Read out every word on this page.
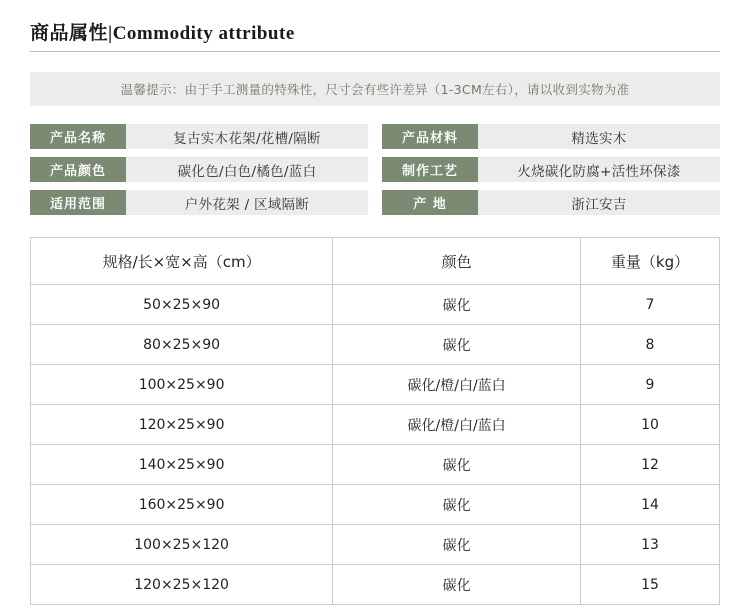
商品属性|Commodity attribute
温馨提示：由于手工测量的特殊性，尺寸会有些许差异（1-3CM左右），请以收到实物为准
产品名称	复古实木花架/花槽/隔断	产品材料	精选实木
产品颜色	碳化色/白色/橘色/蓝白	制作工艺	火烧碳化防腐+活性环保漆
适用范围	户外花架 / 区域隔断	产 地	浙江安吉
规格/长×宽×高（cm）	颜色	重量（kg）
50×25×90	碳化	7
80×25×90	碳化	8
100×25×90	碳化/橙/白/蓝白	9
120×25×90	碳化/橙/白/蓝白	10
140×25×90	碳化	12
160×25×90	碳化	14
100×25×120	碳化	13
120×25×120	碳化	15
